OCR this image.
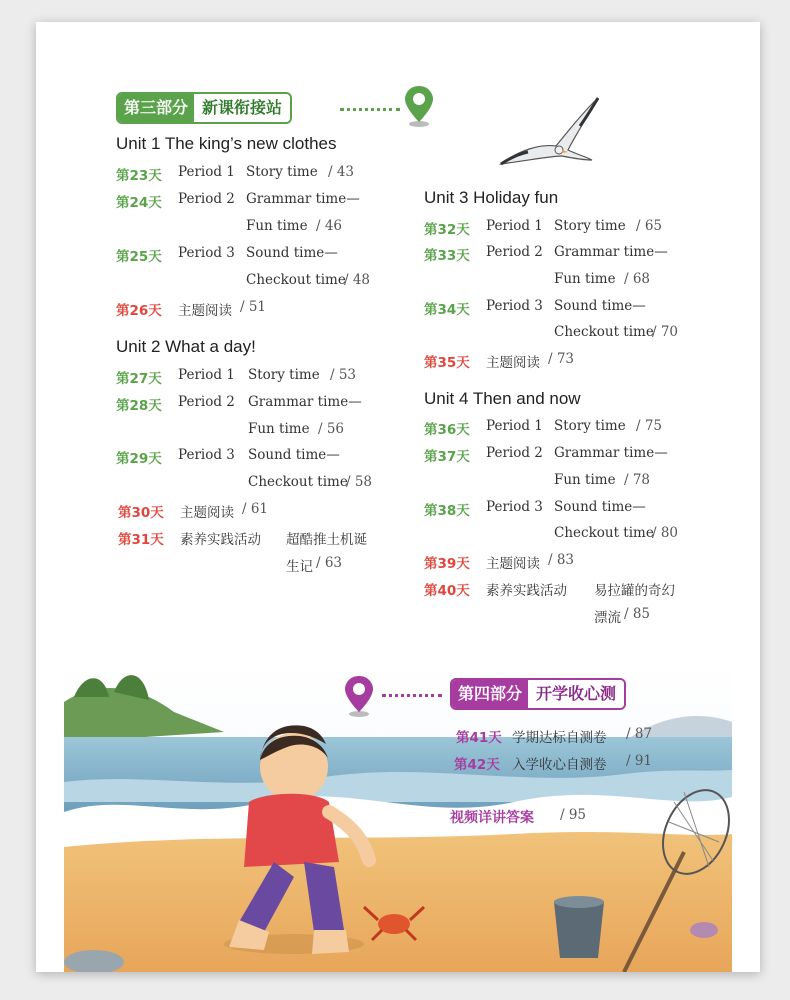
第三部分 新课衔接站
Unit 1 The king’s new clothes
第23天 Period 1 Story time / 43
第24天 Period 2 Grammar time—
Fun time / 46
第25天 Period 3 Sound time—
Checkout time
/ 48
第26天 主题阅读 / 51
Unit 2 What a day!
第27天 Period 1 Story time / 53
第28天 Period 2 Grammar time—
Fun time / 56
第29天 Period 3 Sound time—
Checkout time
/ 58
第30天 主题阅读 / 61
第31天 素养实践活动 超酷推土机诞
生记 / 63
Unit 3 Holiday fun
第32天 Period 1 Story time / 65
第33天 Period 2 Grammar time—
Fun time / 68
第34天 Period 3 Sound time—
Checkout time
/ 70
第35天 主题阅读 / 73
Unit 4 Then and now
第36天 Period 1 Story time / 75
第37天 Period 2 Grammar time—
Fun time / 78
第38天 Period 3 Sound time—
Checkout time
/ 80
第39天 主题阅读 / 83
第40天 素养实践活动 易拉罐的奇幻
漂流 / 85
第四部分 开学收心测
第41天 学期达标自测卷 / 87
第42天 入学收心自测卷 / 91
视频详讲答案 / 95
